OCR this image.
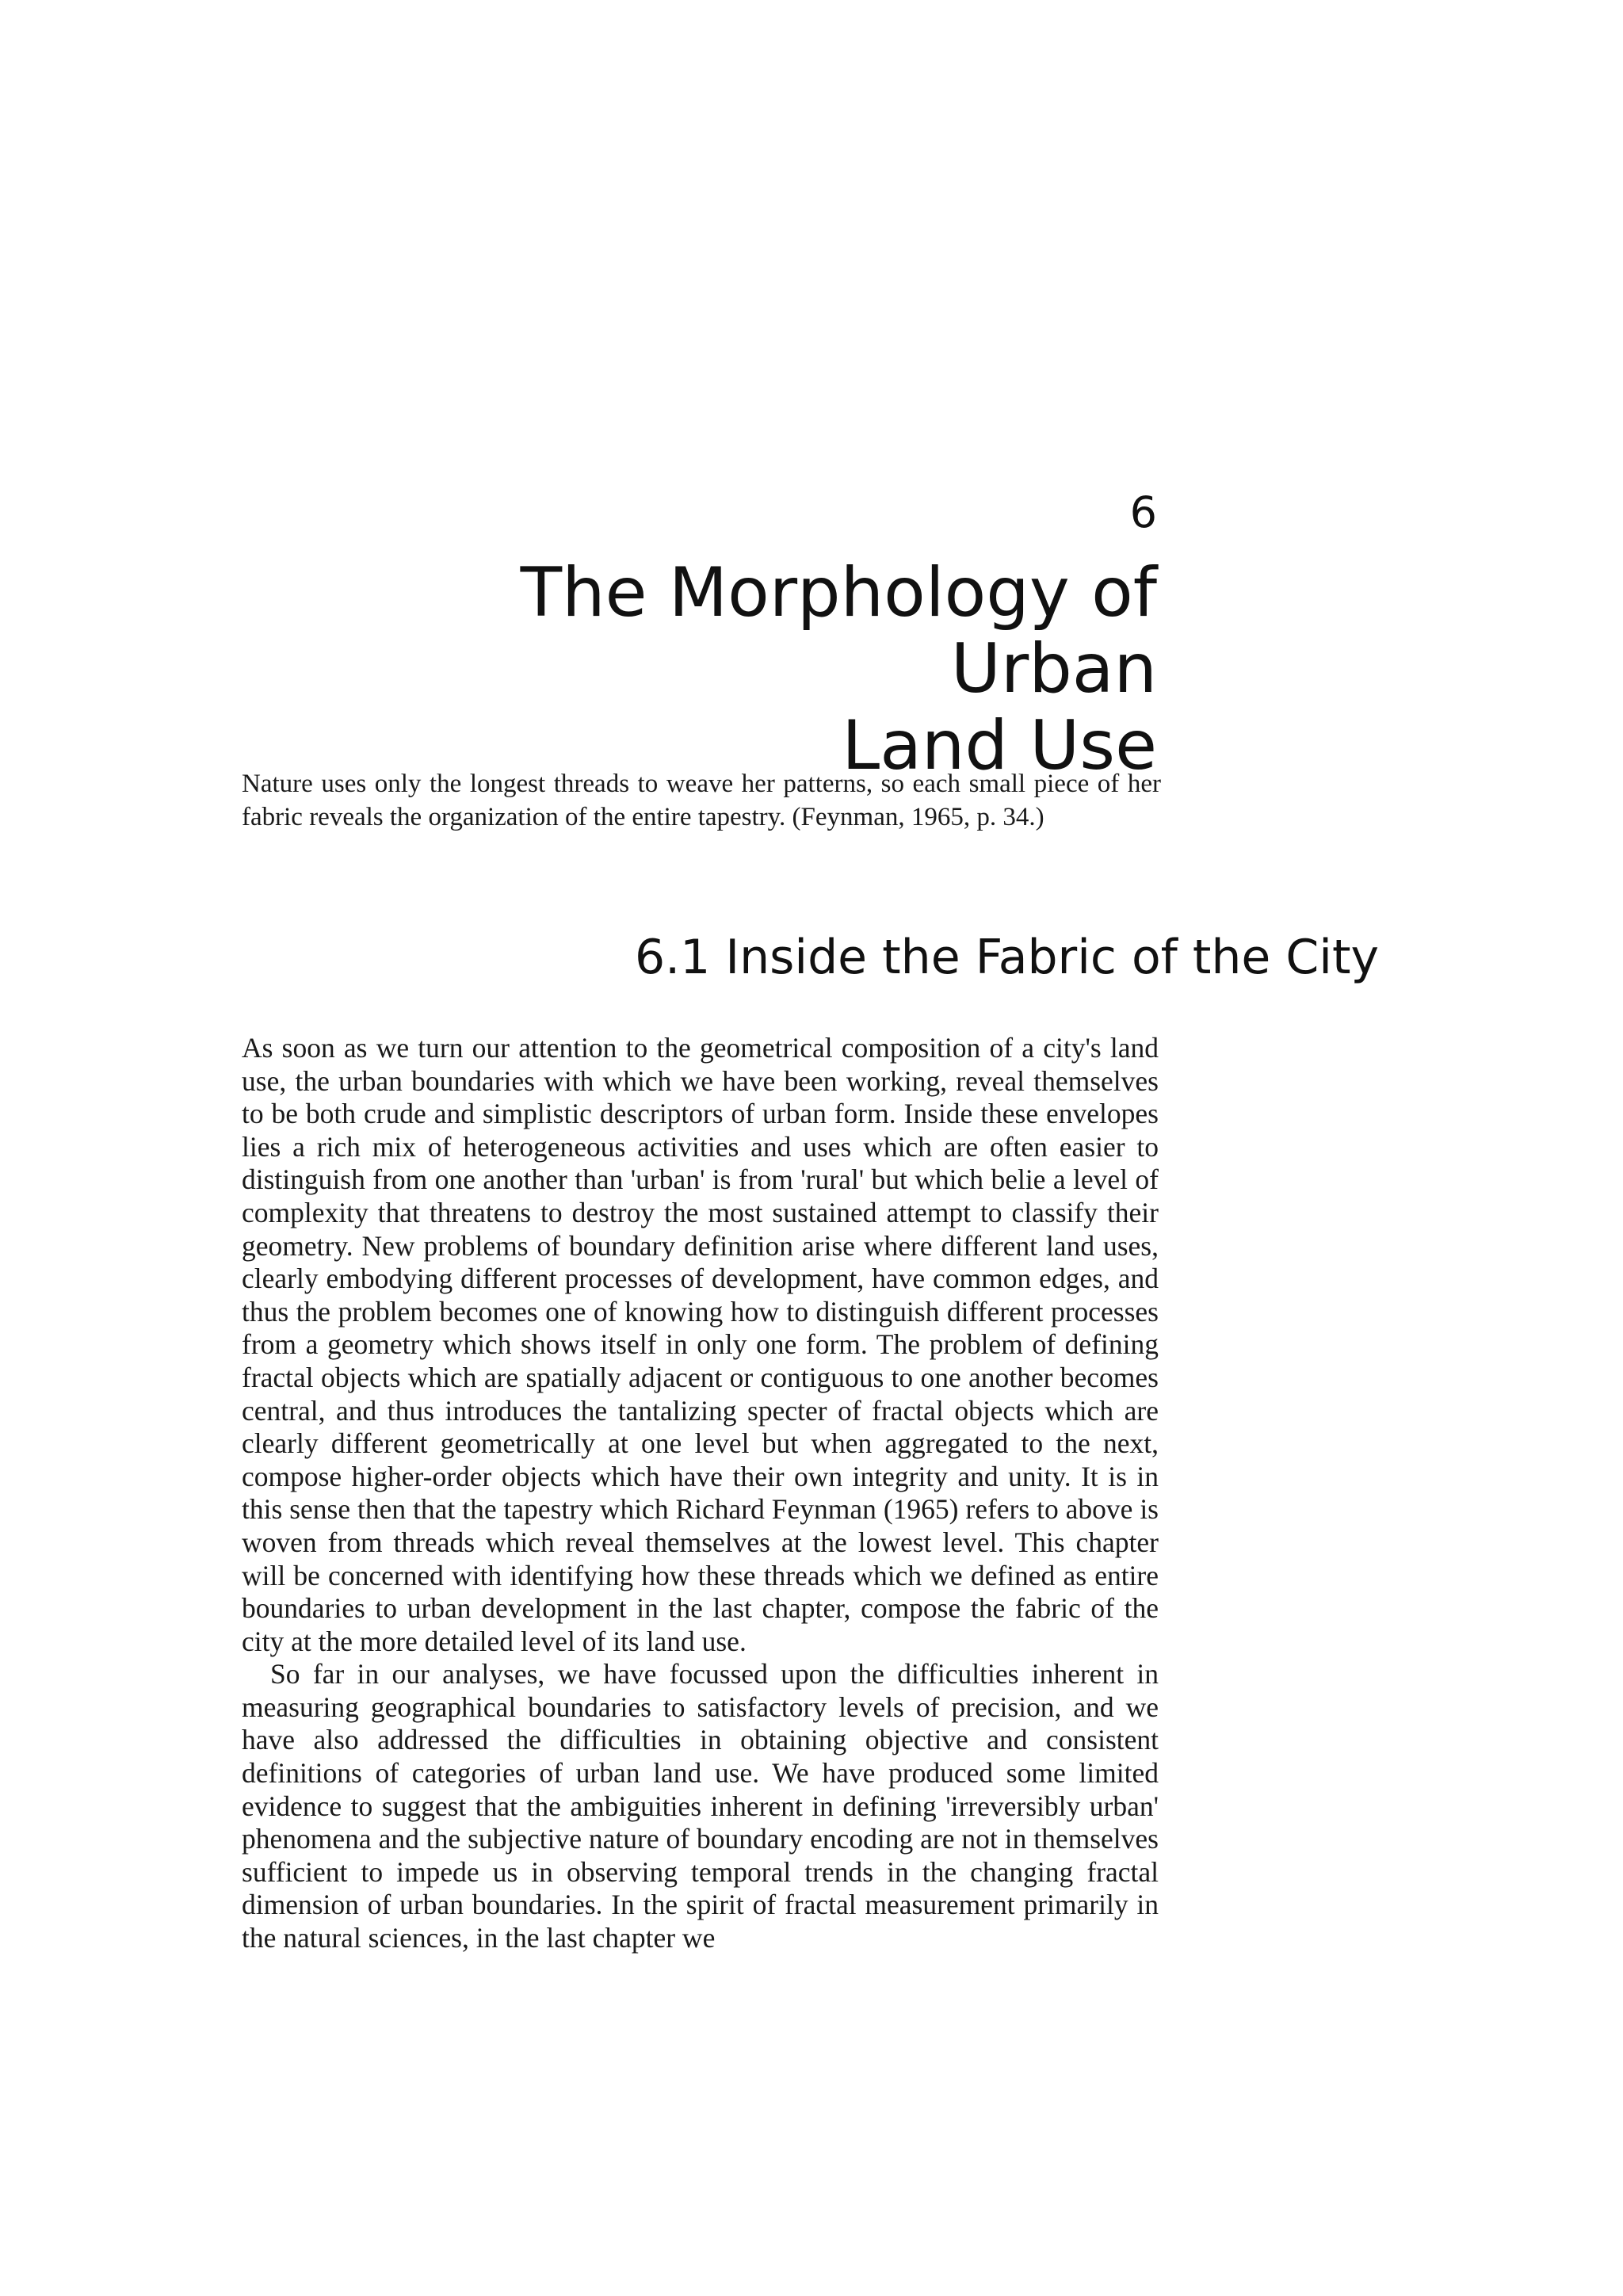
6
The Morphology of Urban
Land Use

Nature uses only the longest threads to weave her patterns, so each small piece of her fabric reveals the organization of the entire tapestry. (Feynman, 1965, p. 34.)

6.1 Inside the Fabric of the City

As soon as we turn our attention to the geometrical composition of a city's land use, the urban boundaries with which we have been working, reveal themselves to be both crude and simplistic descriptors of urban form. Inside these envelopes lies a rich mix of heterogeneous activities and uses which are often easier to distinguish from one another than 'urban' is from 'rural' but which belie a level of complexity that threatens to destroy the most sustained attempt to classify their geometry. New problems of boundary definition arise where different land uses, clearly embodying different processes of development, have common edges, and thus the problem becomes one of knowing how to distinguish different processes from a geometry which shows itself in only one form. The problem of defining fractal objects which are spatially adjacent or contiguous to one another becomes central, and thus introduces the tantalizing specter of fractal objects which are clearly different geometrically at one level but when aggregated to the next, compose higher-order objects which have their own integrity and unity. It is in this sense then that the tapestry which Richard Feynman (1965) refers to above is woven from threads which reveal themselves at the lowest level. This chapter will be concerned with identifying how these threads which we defined as entire boundaries to urban development in the last chapter, compose the fabric of the city at the more detailed level of its land use.

So far in our analyses, we have focussed upon the difficulties inherent in measuring geographical boundaries to satisfactory levels of precision, and we have also addressed the difficulties in obtaining objective and consistent definitions of categories of urban land use. We have produced some limited evidence to suggest that the ambiguities inherent in defining 'irreversibly urban' phenomena and the subjective nature of boundary encoding are not in themselves sufficient to impede us in observing temporal trends in the changing fractal dimension of urban boundaries. In the spirit of fractal measurement primarily in the natural sciences, in the last chapter we
